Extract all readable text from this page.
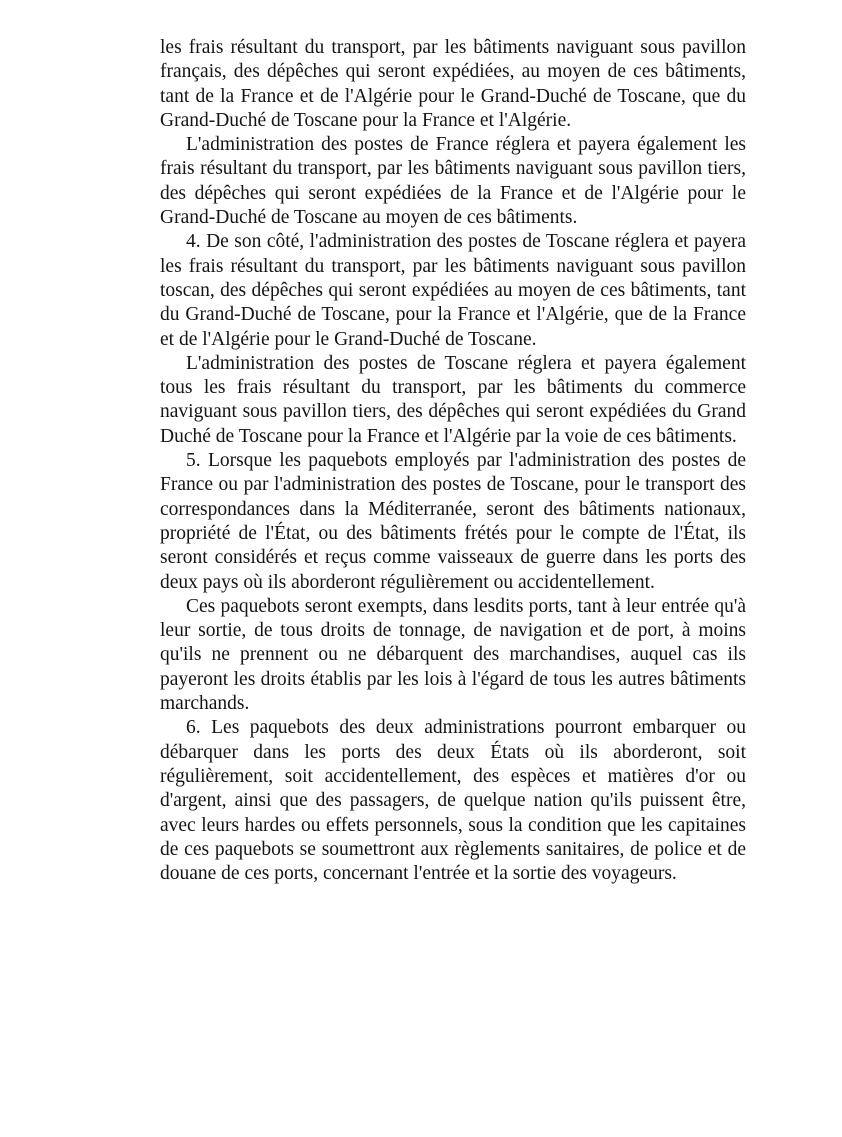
les frais résultant du transport, par les bâtiments naviguant sous pavillon français, des dépêches qui seront expédiées, au moyen de ces bâtiments, tant de la France et de l'Algérie pour le Grand-Duché de Toscane, que du Grand-Duché de Toscane pour la France et l'Algérie.

L'administration des postes de France réglera et payera également les frais résultant du transport, par les bâtiments naviguant sous pavillon tiers, des dépêches qui seront expédiées de la France et de l'Algérie pour le Grand-Duché de Toscane au moyen de ces bâtiments.

4. De son côté, l'administration des postes de Toscane réglera et payera les frais résultant du transport, par les bâtiments naviguant sous pavillon toscan, des dépêches qui seront expédiées au moyen de ces bâtiments, tant du Grand-Duché de Toscane, pour la France et l'Algérie, que de la France et de l'Algérie pour le Grand-Duché de Toscane.

L'administration des postes de Toscane réglera et payera également tous les frais résultant du transport, par les bâtiments du commerce naviguant sous pavillon tiers, des dépêches qui seront expédiées du Grand Duché de Toscane pour la France et l'Algérie par la voie de ces bâtiments.

5. Lorsque les paquebots employés par l'administration des postes de France ou par l'administration des postes de Toscane, pour le transport des correspondances dans la Méditerranée, seront des bâtiments nationaux, propriété de l'État, ou des bâtiments frétés pour le compte de l'État, ils seront considérés et reçus comme vaisseaux de guerre dans les ports des deux pays où ils aborderont régulièrement ou accidentellement.

Ces paquebots seront exempts, dans lesdits ports, tant à leur entrée qu'à leur sortie, de tous droits de tonnage, de navigation et de port, à moins qu'ils ne prennent ou ne débarquent des marchandises, auquel cas ils payeront les droits établis par les lois à l'égard de tous les autres bâtiments marchands.

6. Les paquebots des deux administrations pourront embarquer ou débarquer dans les ports des deux États où ils aborderont, soit régulièrement, soit accidentellement, des espèces et matières d'or ou d'argent, ainsi que des passagers, de quelque nation qu'ils puissent être, avec leurs hardes ou effets personnels, sous la condition que les capitaines de ces paquebots se soumettront aux règlements sanitaires, de police et de douane de ces ports, concernant l'entrée et la sortie des voyageurs.
